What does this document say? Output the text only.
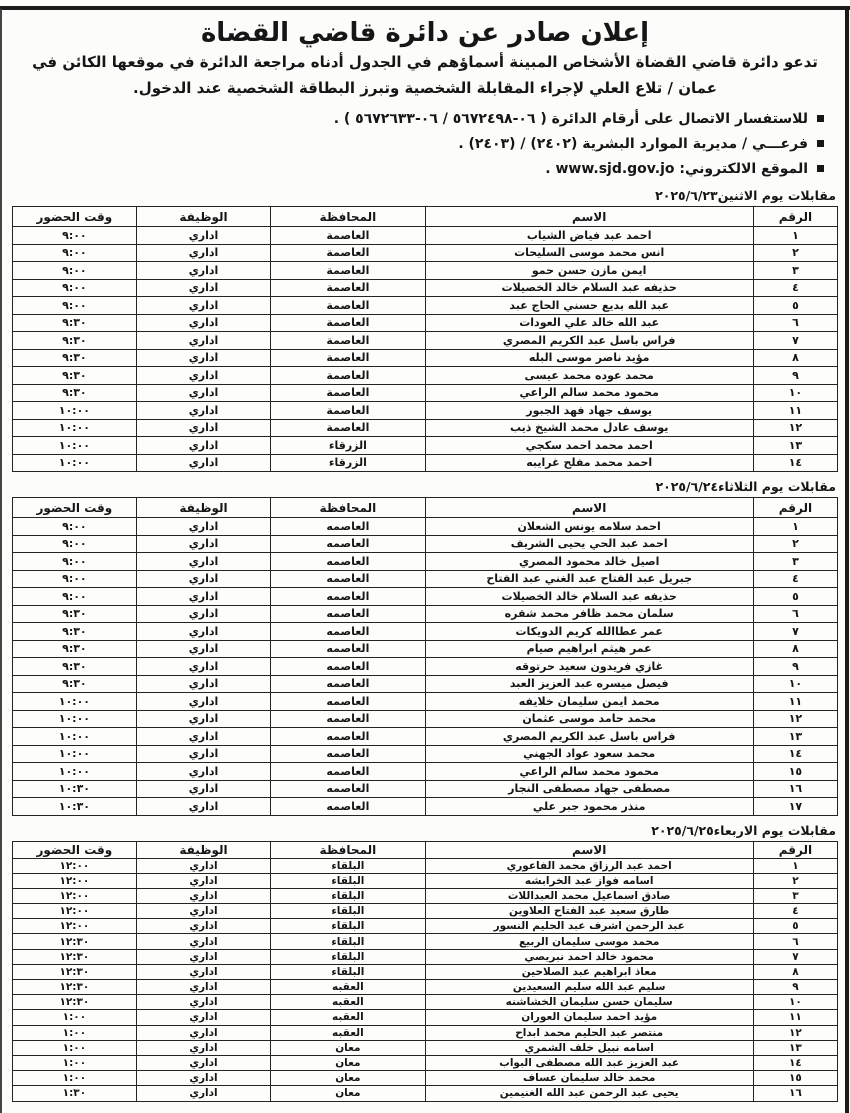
إعلان صادر عن دائرة قاضي القضاة

تدعو دائرة قاضي القضاة الأشخاص المبينة أسماؤهم في الجدول أدناه مراجعة الدائرة في موقعها الكائن في عمان / تلاع العلي لإجراء المقابلة الشخصية وتبرز البطاقة الشخصية عند الدخول.

للاستفسار الاتصال على أرقام الدائرة ( ٠٦-٥٦٧٢٤٩٨ / ٠٦-٥٦٧٢٦٣٣ ) .
فرعـــي / مديرية الموارد البشرية (٢٤٠٢) / (٢٤٠٣) .
الموقع الالكتروني: www.sjd.gov.jo .
مقابلات يوم الاثنين٢٠٢٥/٦/٢٣
الرقم	الاسم	المحافظة	الوظيفة	وقت الحضور
١	احمد عبد فياض الشياب	العاصمة	اداري	٩:٠٠
٢	انس محمد موسى السليحات	العاصمة	اداري	٩:٠٠
٣	ايمن مازن حسن حمو	العاصمة	اداري	٩:٠٠
٤	حذيفه عبد السلام خالد الخصيلات	العاصمة	اداري	٩:٠٠
٥	عبد الله بديع حسني الحاج عبد	العاصمة	اداري	٩:٠٠
٦	عبد الله خالد علي العودات	العاصمة	اداري	٩:٣٠
٧	فراس باسل عبد الكريم المصري	العاصمة	اداري	٩:٣٠
٨	مؤيد ناصر موسى البله	العاصمة	اداري	٩:٣٠
٩	محمد عوده محمد عيسى	العاصمة	اداري	٩:٣٠
١٠	محمود محمد سالم الراعي	العاصمة	اداري	٩:٣٠
١١	يوسف جهاد فهد الجبور	العاصمة	اداري	١٠:٠٠
١٢	يوسف عادل محمد الشيخ ذيب	العاصمة	اداري	١٠:٠٠
١٣	احمد محمد احمد سكجي	الزرقاء	اداري	١٠:٠٠
١٤	احمد محمد مفلح غرايبه	الزرقاء	اداري	١٠:٠٠
مقابلات يوم الثلاثاء٢٠٢٥/٦/٢٤
الرقم	الاسم	المحافظة	الوظيفة	وقت الحضور
١	احمد سلامه يونس الشعلان	العاصمه	اداري	٩:٠٠
٢	احمد عبد الحي يحيى الشريف	العاصمه	اداري	٩:٠٠
٣	اصيل خالد محمود المصري	العاصمه	اداري	٩:٠٠
٤	جبريل عبد الفتاح عبد الغني عبد الفتاح	العاصمه	اداري	٩:٠٠
٥	حذيفه عبد السلام خالد الخصيلات	العاصمه	اداري	٩:٠٠
٦	سلمان محمد ظافر محمد شقره	العاصمه	اداري	٩:٣٠
٧	عمر عطاالله كريم الدويكات	العاصمه	اداري	٩:٣٠
٨	عمر هيثم ابراهيم صيام	العاصمه	اداري	٩:٣٠
٩	غازي فريدون سعيد حرتوقه	العاصمه	اداري	٩:٣٠
١٠	فيصل ميسره عبد العزيز العبد	العاصمه	اداري	٩:٣٠
١١	محمد ايمن سليمان خلايفه	العاصمه	اداري	١٠:٠٠
١٢	محمد حامد موسى عثمان	العاصمه	اداري	١٠:٠٠
١٣	فراس باسل عبد الكريم المصري	العاصمه	اداري	١٠:٠٠
١٤	محمد سعود عواد الجهني	العاصمه	اداري	١٠:٠٠
١٥	محمود محمد سالم الراعي	العاصمه	اداري	١٠:٠٠
١٦	مصطفى جهاد مصطفى النجار	العاصمه	اداري	١٠:٣٠
١٧	منذر محمود جبر علي	العاصمه	اداري	١٠:٣٠
مقابلات يوم الاربعاء٢٠٢٥/٦/٢٥
الرقم	الاسم	المحافظة	الوظيفة	وقت الحضور
١	احمد عبد الرزاق محمد الفاعوري	البلقاء	اداري	١٢:٠٠
٢	اسامه فواز عبد الخرابشه	البلقاء	اداري	١٢:٠٠
٣	صادق اسماعيل محمد العبداللات	البلقاء	اداري	١٢:٠٠
٤	طارق سعيد عبد الفتاح العلاوين	البلقاء	اداري	١٢:٠٠
٥	عبد الرحمن اشرف عبد الحليم النسور	البلقاء	اداري	١٢:٠٠
٦	محمد موسى سليمان الربيع	البلقاء	اداري	١٢:٣٠
٧	محمود خالد احمد نبريصي	البلقاء	اداري	١٢:٣٠
٨	معاذ ابراهيم عبد الصلاحين	البلقاء	اداري	١٢:٣٠
٩	سليم عبد الله سليم السعيدين	العقبه	اداري	١٢:٣٠
١٠	سليمان حسن سليمان الخشاشنه	العقبه	اداري	١٢:٣٠
١١	مؤيد احمد سليمان العوران	العقبه	اداري	١:٠٠
١٢	منتصر عبد الحليم محمد ابداح	العقبه	اداري	١:٠٠
١٣	اسامه نبيل خلف الشمري	معان	اداري	١:٠٠
١٤	عبد العزيز عبد الله مصطفى البواب	معان	اداري	١:٠٠
١٥	محمد خالد سليمان عساف	معان	اداري	١:٠٠
١٦	يحيى عبد الرحمن عبد الله الغنيمين	معان	اداري	١:٣٠
